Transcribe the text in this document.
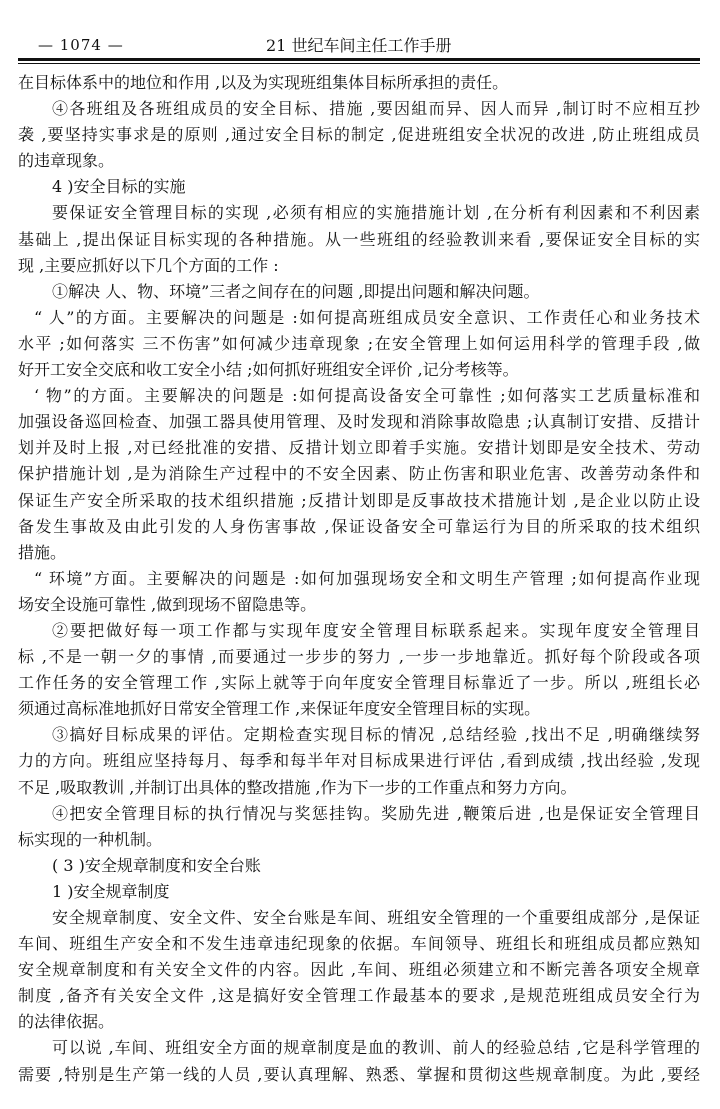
— 1074 —	21 世纪车间主任工作手册
在目标体系中的地位和作用 ,以及为实现班组集体目标所承担的责任。
④各班组及各班组成员的安全目标、措施 ,要因組而异、因人而异 ,制订时不应相互抄
袭 ,要坚持实事求是的原则 ,通过安全目标的制定 ,促进班组安全状况的改进 ,防止班组成员
的违章现象。
4 )安全目标的实施
要保证安全管理目标的实现 ,必须有相应的实施措施计划 ,在分析有利因素和不利因素
基础上 ,提出保证目标实现的各种措施。从一些班组的经验教训来看 ,要保证安全目标的实
现 ,主要应抓好以下几个方面的工作 :
①解决 人、物、环境”三者之间存在的问题 ,即提出问题和解决问题。
“ 人”的方面。主要解决的问题是 :如何提高班组成员安全意识、工作责任心和业务技术
水平 ;如何落实 三不伤害”如何减少违章现象 ;在安全管理上如何运用科学的管理手段 ,做
好开工安全交底和收工安全小结 ;如何抓好班组安全评价 ,记分考核等。
‘ 物”的方面。主要解决的问题是 :如何提高设备安全可靠性 ;如何落实工艺质量标准和
加强设备巡回检查、加强工器具使用管理、及时发现和消除事故隐患 ;认真制订安措、反措计
划并及时上报 ,对已经批准的安措、反措计划立即着手实施。安措计划即是安全技术、劳动
保护措施计划 ,是为消除生产过程中的不安全因素、防止伤害和职业危害、改善劳动条件和
保证生产安全所采取的技术组织措施 ;反措计划即是反事故技术措施计划 ,是企业以防止设
备发生事故及由此引发的人身伤害事故 ,保证设备安全可靠运行为目的所采取的技术组织
措施。
“ 环境”方面。主要解决的问题是 :如何加强现场安全和文明生产管理 ;如何提高作业现
场安全设施可靠性 ,做到现场不留隐患等。
②要把做好每一项工作都与实现年度安全管理目标联系起来。实现年度安全管理目
标 ,不是一朝一夕的事情 ,而要通过一步步的努力 ,一步一步地靠近。抓好每个阶段或各项
工作任务的安全管理工作 ,实际上就等于向年度安全管理目标靠近了一步。所以 ,班组长必
须通过高标准地抓好日常安全管理工作 ,来保证年度安全管理目标的实现。
③搞好目标成果的评估。定期检查实现目标的情况 ,总结经验 ,找出不足 ,明确继续努
力的方向。班组应坚持每月、每季和每半年对目标成果进行评估 ,看到成绩 ,找出经验 ,发现
不足 ,吸取教训 ,并制订出具体的整改措施 ,作为下一步的工作重点和努力方向。
④把安全管理目标的执行情况与奖惩挂钩。奖励先进 ,鞭策后进 ,也是保证安全管理目
标实现的一种机制。
( 3 )安全规章制度和安全台账
1 )安全规章制度
安全规章制度、安全文件、安全台账是车间、班组安全管理的一个重要组成部分 ,是保证
车间、班组生产安全和不发生违章违纪现象的依据。车间领导、班组长和班组成员都应熟知
安全规章制度和有关安全文件的内容。因此 ,车间、班组必须建立和不断完善各项安全规章
制度 ,备齐有关安全文件 ,这是搞好安全管理工作最基本的要求 ,是规范班组成员安全行为
的法律依据。
可以说 ,车间、班组安全方面的规章制度是血的教训、前人的经验总结 ,它是科学管理的
需要 ,特别是生产第一线的人员 ,要认真理解、熟悉、掌握和贯彻这些规章制度。为此 ,要经
